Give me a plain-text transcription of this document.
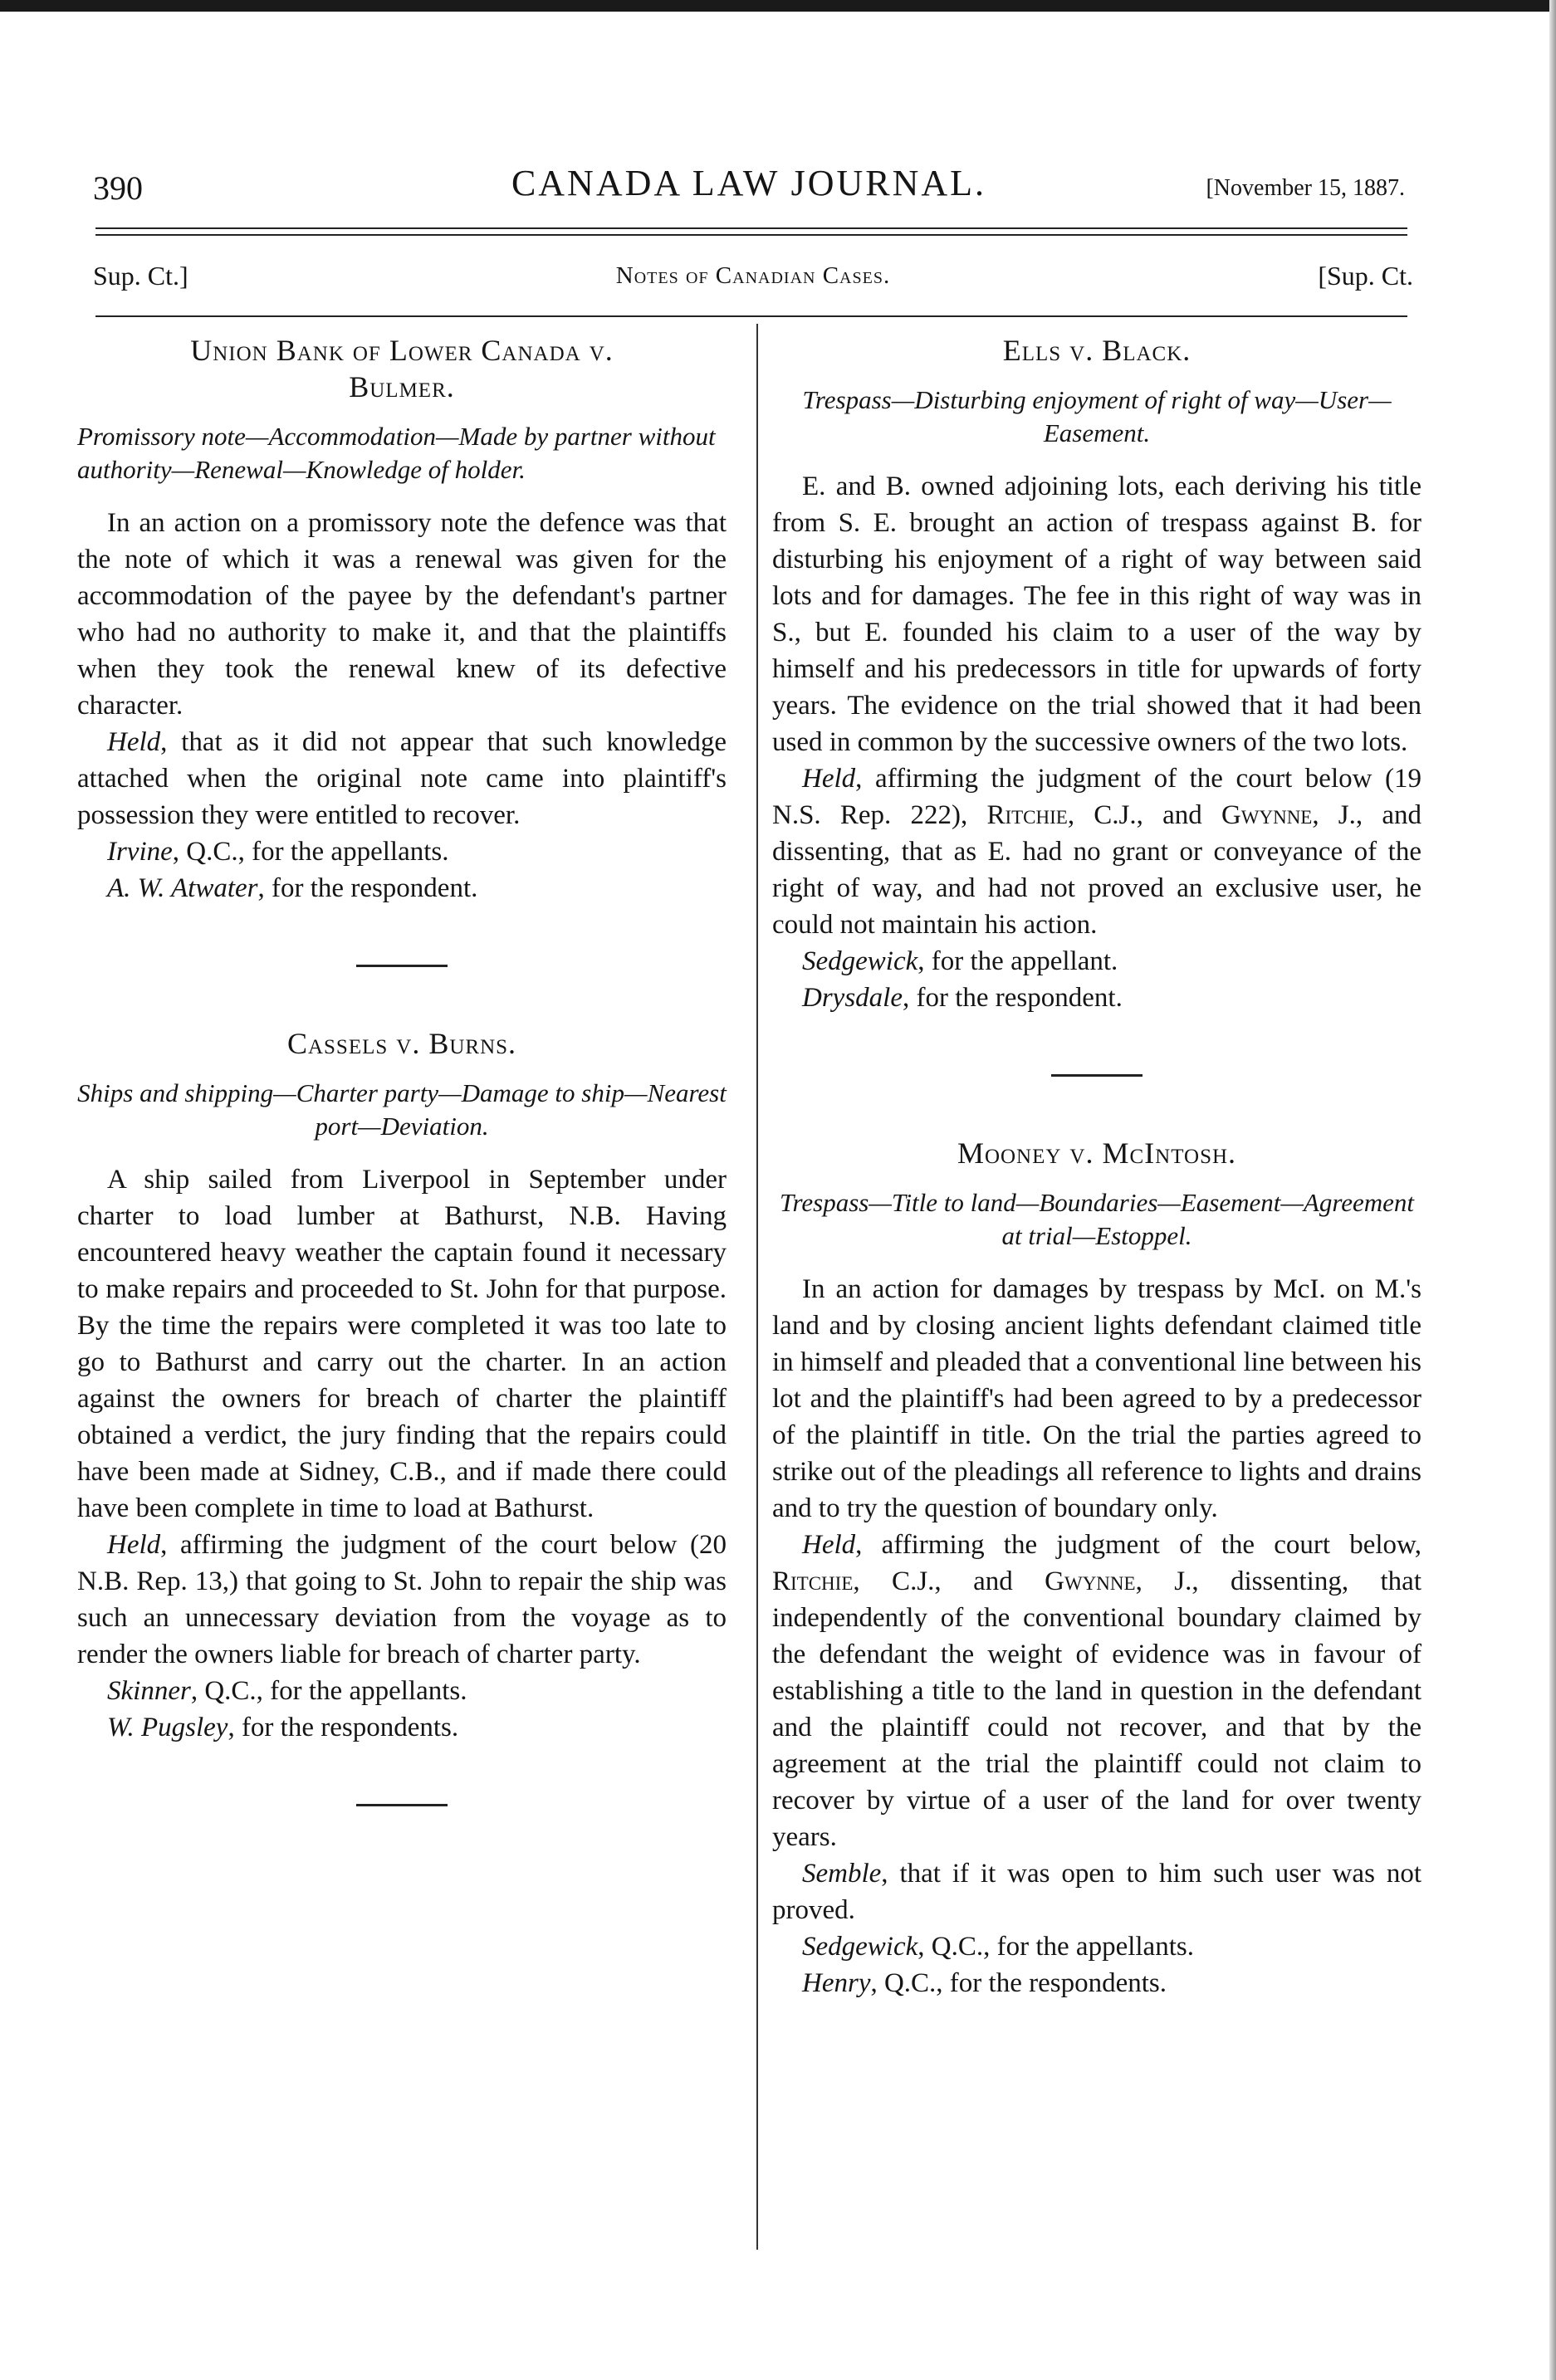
390	CANADA LAW JOURNAL.	[November 15, 1887.
Sup. Ct.]	Notes of Canadian Cases.	[Sup. Ct.
Union Bank of Lower Canada v.
Bulmer.
Promissory note—Accommodation—Made by partner without authority—Renewal—Knowledge of holder.

In an action on a promissory note the defence was that the note of which it was a renewal was given for the accommodation of the payee by the defendant's partner who had no authority to make it, and that the plaintiffs when they took the renewal knew of its defective character.

Held, that as it did not appear that such knowledge attached when the original note came into plaintiff's possession they were entitled to recover.

Irvine, Q.C., for the appellants.

A. W. Atwater, for the respondent.

Cassels v. Burns.
Ships and shipping—Charter party—Damage to ship—Nearest port—Deviation.

A ship sailed from Liverpool in September under charter to load lumber at Bathurst, N.B. Having encountered heavy weather the captain found it necessary to make repairs and proceeded to St. John for that purpose. By the time the repairs were completed it was too late to go to Bathurst and carry out the charter. In an action against the owners for breach of charter the plaintiff obtained a verdict, the jury finding that the repairs could have been made at Sidney, C.B., and if made there could have been complete in time to load at Bathurst.

Held, affirming the judgment of the court below (20 N.B. Rep. 13,) that going to St. John to repair the ship was such an unnecessary deviation from the voyage as to render the owners liable for breach of charter party.

Skinner, Q.C., for the appellants.

W. Pugsley, for the respondents.

Ells v. Black.
Trespass—Disturbing enjoyment of right of way—User—Easement.

E. and B. owned adjoining lots, each deriving his title from S. E. brought an action of trespass against B. for disturbing his enjoyment of a right of way between said lots and for damages. The fee in this right of way was in S., but E. founded his claim to a user of the way by himself and his predecessors in title for upwards of forty years. The evidence on the trial showed that it had been used in common by the successive owners of the two lots.

Held, affirming the judgment of the court below (19 N.S. Rep. 222), Ritchie, C.J., and Gwynne, J., and dissenting, that as E. had no grant or conveyance of the right of way, and had not proved an exclusive user, he could not maintain his action.

Sedgewick, for the appellant.

Drysdale, for the respondent.

Mooney v. McIntosh.
Trespass—Title to land—Boundaries—Easement—Agreement at trial—Estoppel.

In an action for damages by trespass by McI. on M.'s land and by closing ancient lights defendant claimed title in himself and pleaded that a conventional line between his lot and the plaintiff's had been agreed to by a predecessor of the plaintiff in title. On the trial the parties agreed to strike out of the pleadings all reference to lights and drains and to try the question of boundary only.

Held, affirming the judgment of the court below, Ritchie, C.J., and Gwynne, J., dissenting, that independently of the conventional boundary claimed by the defendant the weight of evidence was in favour of establishing a title to the land in question in the defendant and the plaintiff could not recover, and that by the agreement at the trial the plaintiff could not claim to recover by virtue of a user of the land for over twenty years.

Semble, that if it was open to him such user was not proved.

Sedgewick, Q.C., for the appellants.

Henry, Q.C., for the respondents.
